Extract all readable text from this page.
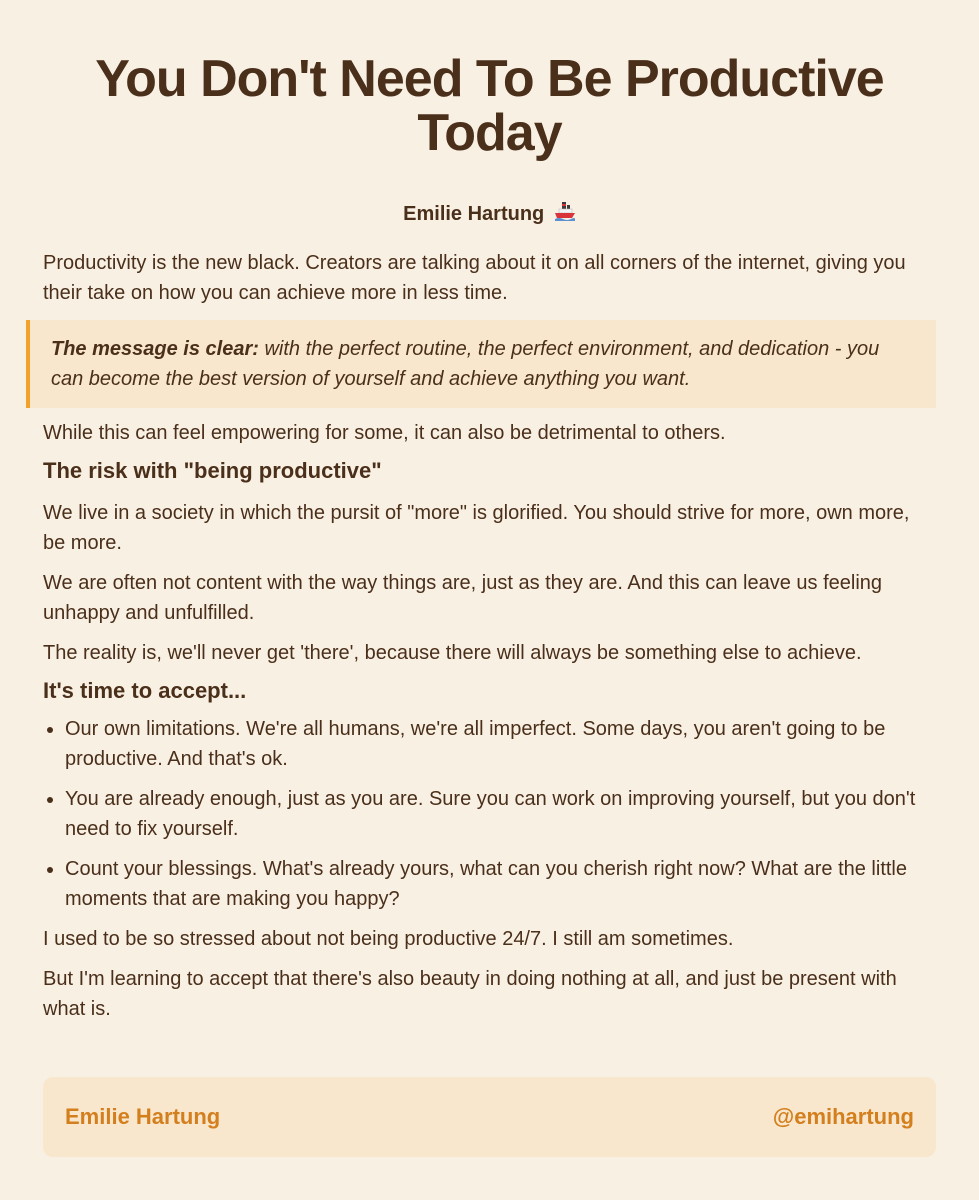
You Don't Need To Be Productive Today
Emilie Hartung

Productivity is the new black. Creators are talking about it on all corners of the internet, giving you their take on how you can achieve more in less time.

The message is clear: with the perfect routine, the perfect environment, and dedication - you can become the best version of yourself and achieve anything you want.

While this can feel empowering for some, it can also be detrimental to others.

The risk with "being productive"

We live in a society in which the pursit of "more" is glorified. You should strive for more, own more, be more.

We are often not content with the way things are, just as they are. And this can leave us feeling unhappy and unfulfilled.

The reality is, we'll never get 'there', because there will always be something else to achieve.

It's time to accept...
• Our own limitations. We're all humans, we're all imperfect. Some days, you aren't going to be productive. And that's ok.
• You are already enough, just as you are. Sure you can work on improving yourself, but you don't need to fix yourself.
• Count your blessings. What's already yours, what can you cherish right now? What are the little moments that are making you happy?

I used to be so stressed about not being productive 24/7. I still am sometimes.

But I'm learning to accept that there's also beauty in doing nothing at all, and just be present with what is.

Emilie Hartung	@emihartung
